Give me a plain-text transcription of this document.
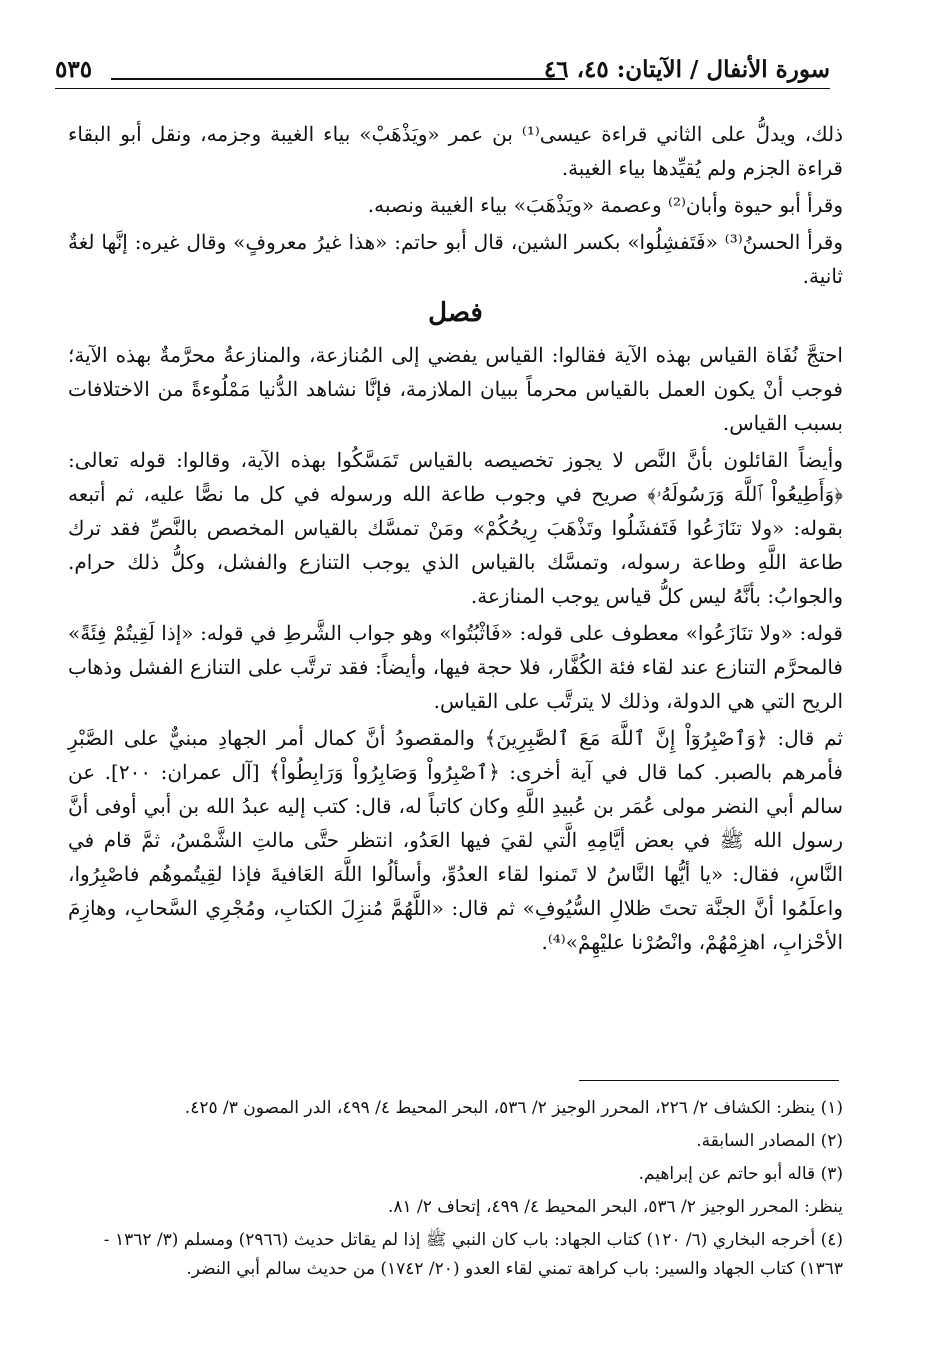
سورة الأنفال / الآيتان: ٤٥، ٤٦
٥٣٥

ذلك، ويدلُّ على الثاني قراءة عيسى⁽¹⁾ بن عمر «ويَذْهَبْ» بياء الغيبة وجزمه، ونقل أبو البقاء قراءة الجزم ولم يُقيِّدها بياء الغيبة.

وقرأ أبو حيوة وأبان⁽²⁾ وعصمة «ويَذْهَبَ» بياء الغيبة ونصبه.

وقرأ الحسنُ⁽³⁾ «فَتَفشِلُوا» بكسر الشين، قال أبو حاتم: «هذا غيرُ معروفٍ» وقال غيره: إنَّها لغةٌ ثانية.

فصل

احتجَّ نُفَاة القياس بهذه الآية فقالوا: القياس يفضي إلى المُنازعة، والمنازعةُ محرَّمةٌ بهذه الآية؛ فوجب أنْ يكون العمل بالقياس محرماً ببيان الملازمة، فإنَّا نشاهد الدُّنيا مَمْلُوءةً من الاختلافات بسبب القياس.

وأيضاً القائلون بأنَّ النَّص لا يجوز تخصيصه بالقياس تَمَسَّكُوا بهذه الآية، وقالوا: قوله تعالى: ﴿وَأَطِيعُواْ ٱللَّهَ وَرَسُولَهُۥ﴾ صريح في وجوب طاعة الله ورسوله في كل ما نصًّا عليه، ثم أتبعه بقوله: «ولا تنَازَعُوا فَتَفشَلُوا وتَذْهَبَ رِيحُكُمْ» ومَنْ تمسَّك بالقياس المخصص بالنَّصِّ فقد ترك طاعة اللَّهِ وطاعة رسوله، وتمسَّك بالقياس الذي يوجب التنازع والفشل، وكلُّ ذلك حرام. والجوابُ: بأنَّهُ ليس كلُّ قياس يوجب المنازعة.

قوله: «ولا تنَازَعُوا» معطوف على قوله: «فَاثْبُتُوا» وهو جواب الشَّرطِ في قوله: «إذا لَقِيتُمْ فِئَةً» فالمحرَّم التنازع عند لقاء فئة الكُفَّار، فلا حجة فيها، وأيضاً: فقد ترتَّب على التنازع الفشل وذهاب الريح التي هي الدولة، وذلك لا يترتَّب على القياس.

ثم قال: ﴿وَٱصْبِرُوٓاْ إِنَّ ٱللَّهَ مَعَ ٱلصَّٰبِرِينَ﴾ والمقصودُ أنَّ كمال أمر الجهادِ مبنيٌّ على الصَّبْرِ فأمرهم بالصبر. كما قال في آية أخرى: ﴿ٱصْبِرُواْ وَصَابِرُواْ وَرَابِطُواْ﴾ [آل عمران: ٢٠٠]. عن سالم أبي النضر مولى عُمَر بن عُبيدِ اللَّهِ وكان كاتباً له، قال: كتب إليه عبدُ الله بن أبي أوفى أنَّ رسول الله ﷺ في بعض أيَّامِهِ الَّتي لقيَ فيها العَدُو، انتظر حتَّى مالتِ الشَّمْسُ، ثمَّ قام في النَّاسِ، فقال: «يا أيُّها النَّاسُ لا تَمنوا لقاء العدُوِّ، وأسألُوا اللَّهَ العَافيةَ فإذا لقِيتُموهُم فاصْبِرُوا، واعلَمُوا أنَّ الجنَّة تحتَ ظلالِ السُّيُوفِ» ثم قال: «اللَّهُمَّ مُنزِلَ الكتابِ، ومُجْرِي السَّحابِ، وهازِمَ الأحْزابِ، اهزِمْهُمْ، وانْصُرْنا عليْهِمْ»⁽⁴⁾.

(١) ينظر: الكشاف ٢/ ٢٢٦، المحرر الوجيز ٢/ ٥٣٦، البحر المحيط ٤/ ٤٩٩، الدر المصون ٣/ ٤٢٥.

(٢) المصادر السابقة.

(٣) قاله أبو حاتم عن إبراهيم.

ينظر: المحرر الوجيز ٢/ ٥٣٦، البحر المحيط ٤/ ٤٩٩، إتحاف ٢/ ٨١.

(٤) أخرجه البخاري (٦/ ١٢٠) كتاب الجهاد: باب كان النبي ﷺ إذا لم يقاتل حديث (٢٩٦٦) ومسلم (٣/ ١٣٦٢ - ١٣٦٣) كتاب الجهاد والسير: باب كراهة تمني لقاء العدو (٢٠/ ١٧٤٢) من حديث سالم أبي النضر.
